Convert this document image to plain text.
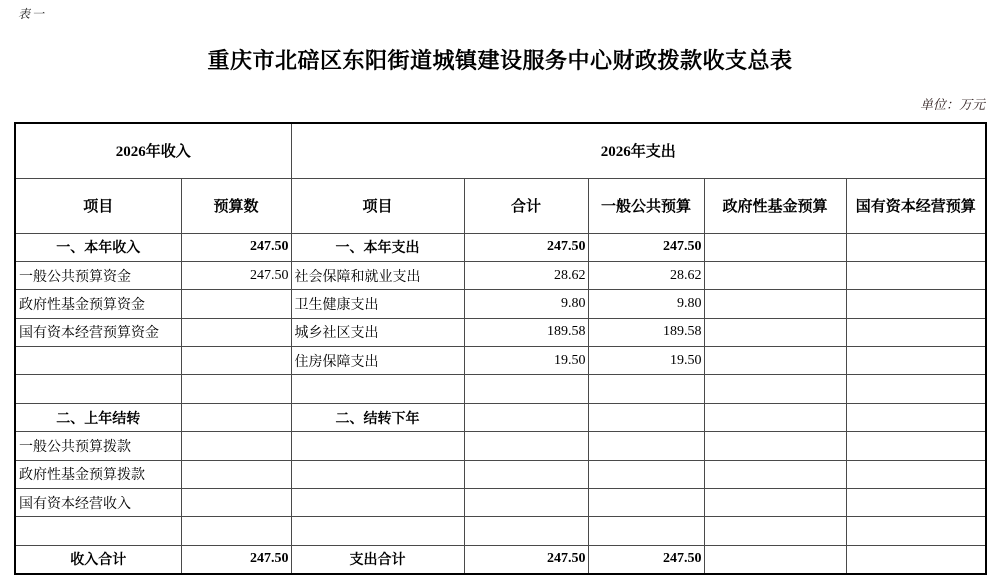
表一
重庆市北碚区东阳街道城镇建设服务中心财政拨款收支总表
单位：万元
2026年收入		2026年支出				
项目	预算数	项目	合计	一般公共预算	政府性基金预算	国有资本经营预算
一、本年收入	247.50	一、本年支出	247.50	247.50		
一般公共预算资金	247.50	社会保障和就业支出	28.62	28.62		
政府性基金预算资金		卫生健康支出	9.80	9.80		
国有资本经营预算资金		城乡社区支出	189.58	189.58		
		住房保障支出	19.50	19.50		

二、上年结转		二、结转下年				
一般公共预算拨款						
政府性基金预算拨款						
国有资本经营收入						

收入合计	247.50	支出合计	247.50	247.50		
